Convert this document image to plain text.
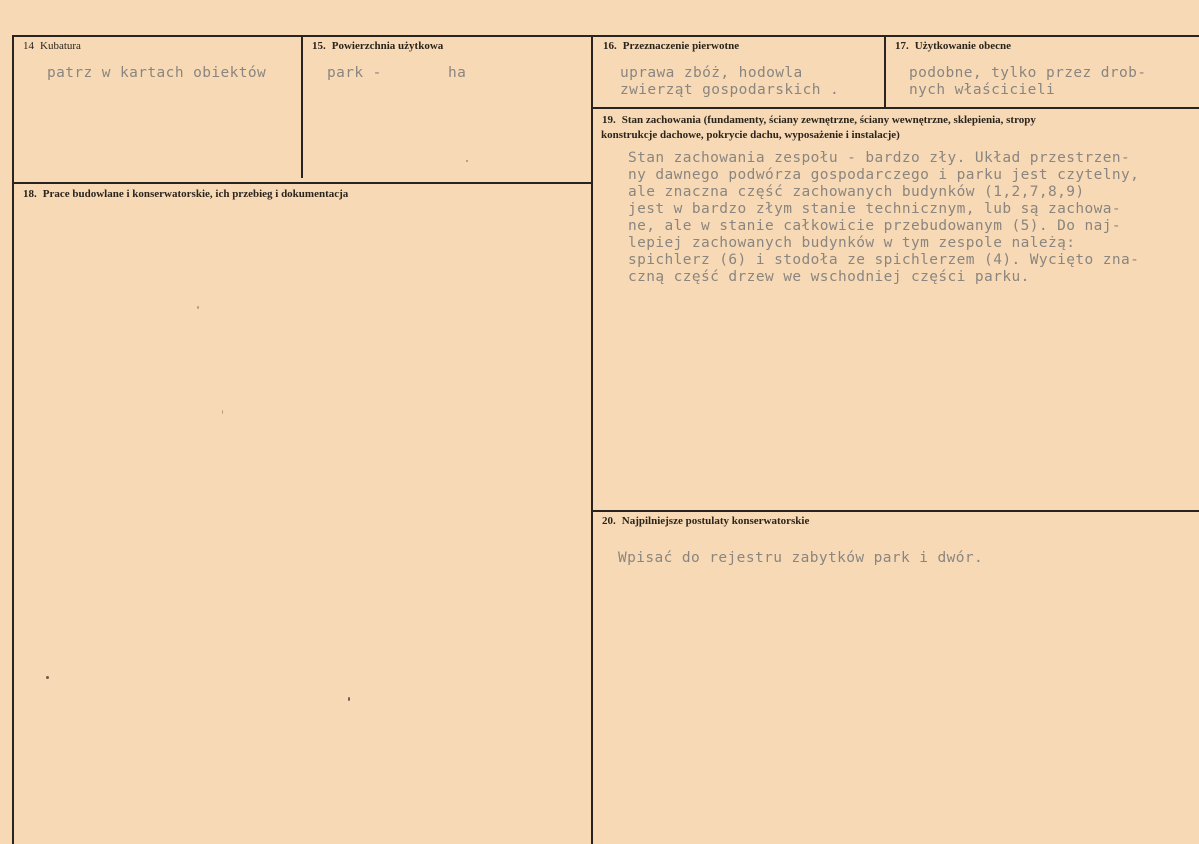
14 Kubatura
patrz w kartach obiektów
15. Powierzchnia użytkowa
park -	ha
16. Przeznaczenie pierwotne
uprawa zbóż, hodowla
zwierząt gospodarskich .
17. Użytkowanie obecne
podobne, tylko przez drob-
nych właścicieli
18. Prace budowlane i konserwatorskie, ich przebieg i dokumentacja
19. Stan zachowania (fundamenty, ściany zewnętrzne, ściany wewnętrzne, sklepienia, stropy
konstrukcje dachowe, pokrycie dachu, wyposażenie i instalacje)
Stan zachowania zespołu - bardzo zły. Układ przestrzen-
ny dawnego podwórza gospodarczego i parku jest czytelny,
ale znaczna część zachowanych budynków (1,2,7,8,9)
jest w bardzo złym stanie technicznym, lub są zachowa-
ne, ale w stanie całkowicie przebudowanym (5). Do naj-
lepiej zachowanych budynków w tym zespole należą:
spichlerz (6) i stodoła ze spichlerzem (4). Wycięto zna-
czną część drzew we wschodniej części parku.
20. Najpilniejsze postulaty konserwatorskie
Wpisać do rejestru zabytków park i dwór.
